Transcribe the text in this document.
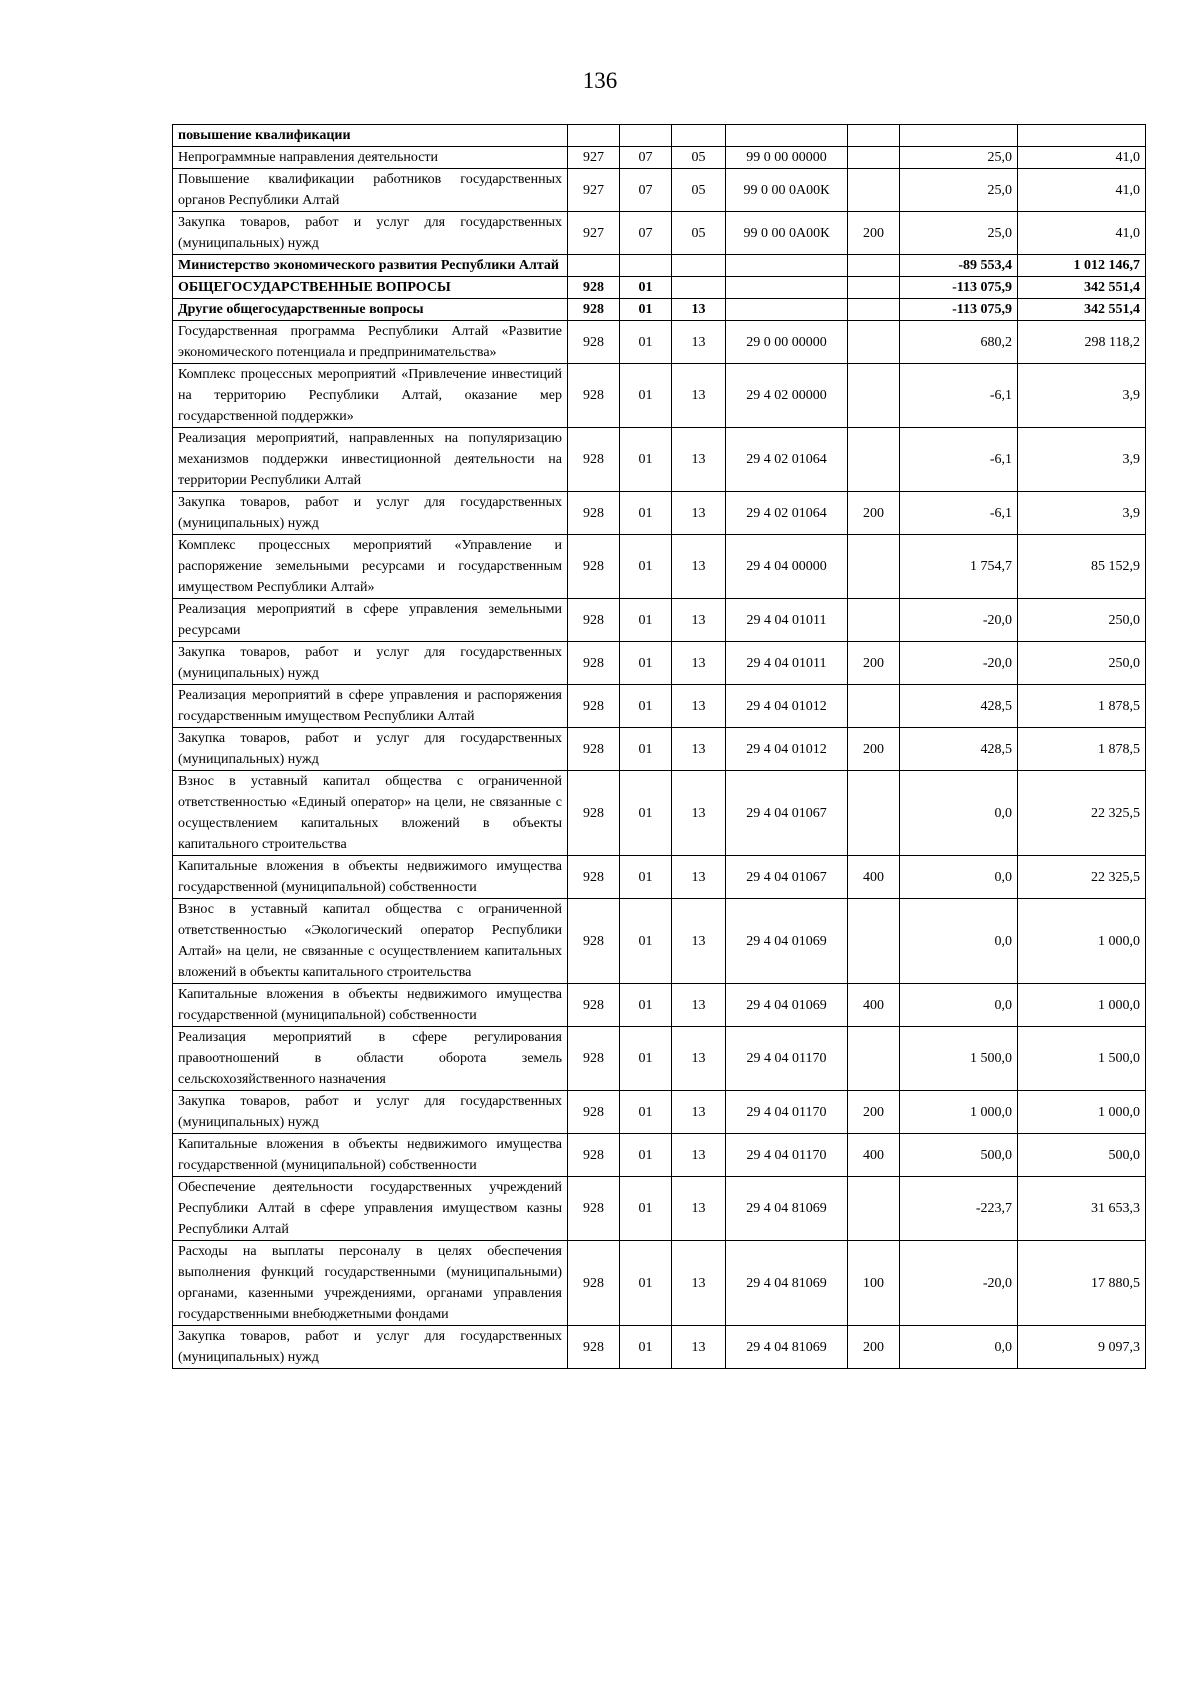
136
повышение квалификации							
Непрограммные направления деятельности	927	07	05	99 0 00 00000		25,0	41,0
Повышение квалификации работников государственных органов Республики Алтай	927	07	05	99 0 00 0А00К		25,0	41,0
Закупка товаров, работ и услуг для государственных (муниципальных) нужд	927	07	05	99 0 00 0А00К	200	25,0	41,0
Министерство экономического развития Республики Алтай						-89 553,4	1 012 146,7
ОБЩЕГОСУДАРСТВЕННЫЕ ВОПРОСЫ	928	01				-113 075,9	342 551,4
Другие общегосударственные вопросы	928	01	13			-113 075,9	342 551,4
Государственная программа Республики Алтай «Развитие экономического потенциала и предпринимательства»	928	01	13	29 0 00 00000		680,2	298 118,2
Комплекс процессных мероприятий «Привлечение инвестиций на территорию Республики Алтай, оказание мер государственной поддержки»	928	01	13	29 4 02 00000		-6,1	3,9
Реализация мероприятий, направленных на популяризацию механизмов поддержки инвестиционной деятельности на территории Республики Алтай	928	01	13	29 4 02 01064		-6,1	3,9
Закупка товаров, работ и услуг для государственных (муниципальных) нужд	928	01	13	29 4 02 01064	200	-6,1	3,9
Комплекс процессных мероприятий «Управление и распоряжение земельными ресурсами и государственным имуществом Республики Алтай»	928	01	13	29 4 04 00000		1 754,7	85 152,9
Реализация мероприятий в сфере управления земельными ресурсами	928	01	13	29 4 04 01011		-20,0	250,0
Закупка товаров, работ и услуг для государственных (муниципальных) нужд	928	01	13	29 4 04 01011	200	-20,0	250,0
Реализация мероприятий в сфере управления и распоряжения государственным имуществом Республики Алтай	928	01	13	29 4 04 01012		428,5	1 878,5
Закупка товаров, работ и услуг для государственных (муниципальных) нужд	928	01	13	29 4 04 01012	200	428,5	1 878,5
Взнос в уставный капитал общества с ограниченной ответственностью «Единый оператор» на цели, не связанные с осуществлением капитальных вложений в объекты капитального строительства	928	01	13	29 4 04 01067		0,0	22 325,5
Капитальные вложения в объекты недвижимого имущества государственной (муниципальной) собственности	928	01	13	29 4 04 01067	400	0,0	22 325,5
Взнос в уставный капитал общества с ограниченной ответственностью «Экологический оператор Республики Алтай» на цели, не связанные с осуществлением капитальных вложений в объекты капитального строительства	928	01	13	29 4 04 01069		0,0	1 000,0
Капитальные вложения в объекты недвижимого имущества государственной (муниципальной) собственности	928	01	13	29 4 04 01069	400	0,0	1 000,0
Реализация мероприятий в сфере регулирования правоотношений в области оборота земель сельскохозяйственного назначения	928	01	13	29 4 04 01170		1 500,0	1 500,0
Закупка товаров, работ и услуг для государственных (муниципальных) нужд	928	01	13	29 4 04 01170	200	1 000,0	1 000,0
Капитальные вложения в объекты недвижимого имущества государственной (муниципальной) собственности	928	01	13	29 4 04 01170	400	500,0	500,0
Обеспечение деятельности государственных учреждений Республики Алтай в сфере управления имуществом казны Республики Алтай	928	01	13	29 4 04 81069		-223,7	31 653,3
Расходы на выплаты персоналу в целях обеспечения выполнения функций государственными (муниципальными) органами, казенными учреждениями, органами управления государственными внебюджетными фондами	928	01	13	29 4 04 81069	100	-20,0	17 880,5
Закупка товаров, работ и услуг для государственных (муниципальных) нужд	928	01	13	29 4 04 81069	200	0,0	9 097,3
